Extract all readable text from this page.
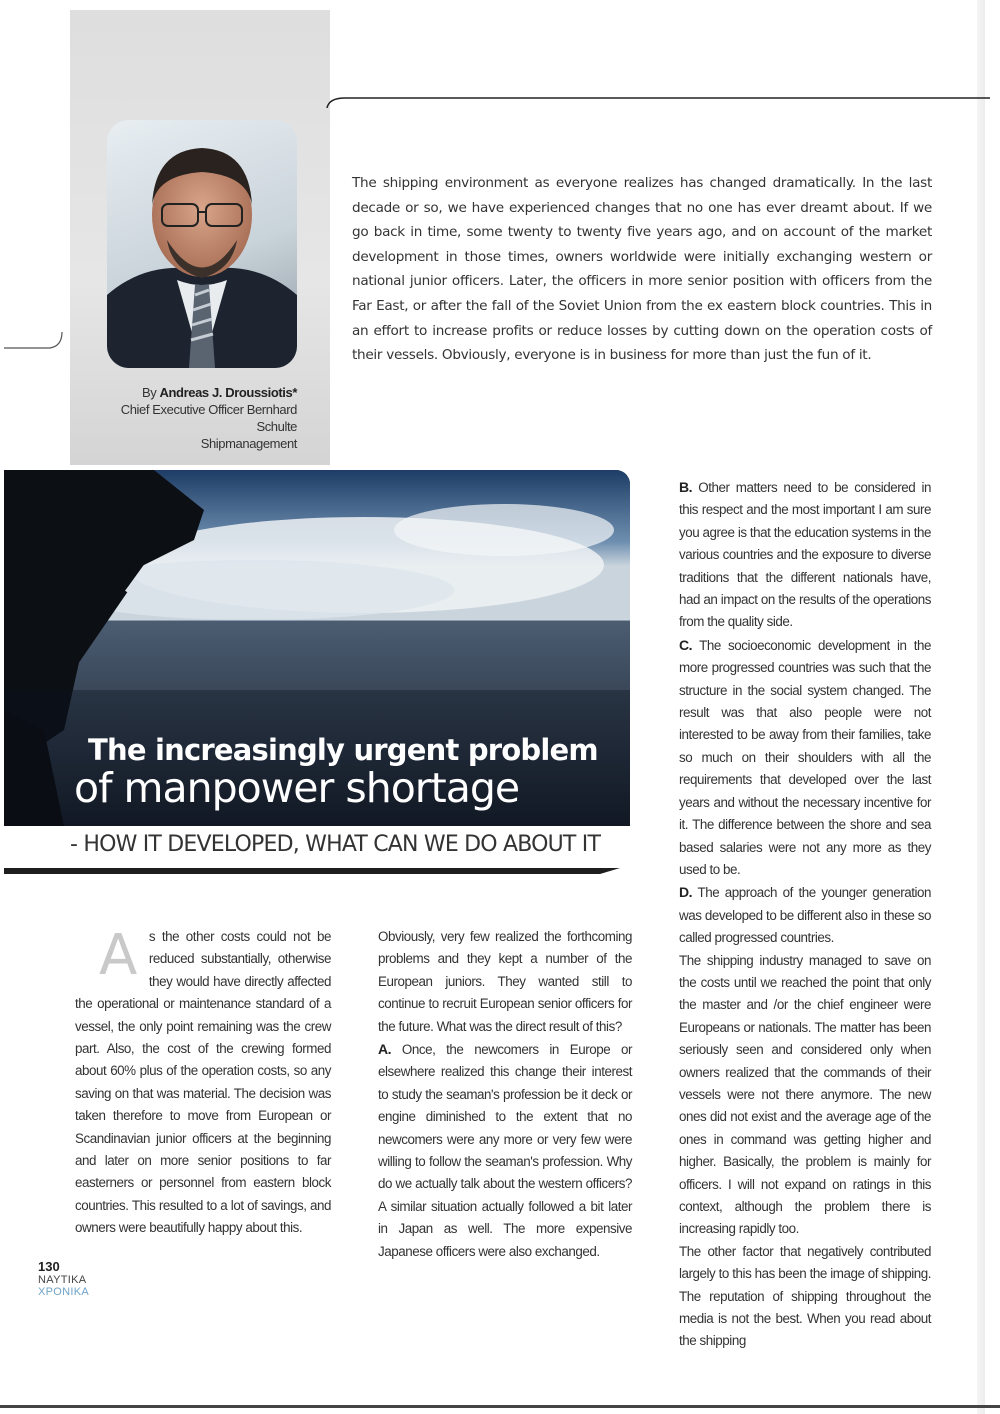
By Andreas J. Droussiotis*
Chief Executive Officer Bernhard Schulte
Shipmanagement
The shipping environment as everyone realizes has changed dramatically. In the last decade or so, we have experienced changes that no one has ever dreamt about. If we go back in time, some twenty to twenty five years ago, and on account of the market development in those times, owners worldwide were initially exchanging western or national junior officers. Later, the officers in more senior position with officers from the Far East, or after the fall of the Soviet Union from the ex eastern block countries. This in an effort to increase profits or reduce losses by cutting down on the operation costs of their vessels. Obviously, everyone is in business for more than just the fun of it.
The increasingly urgent problem
of manpower shortage
- HOW IT DEVELOPED, WHAT CAN WE DO ABOUT IT
A s the other costs could not be reduced substantially, otherwise they would have directly affected the operational or maintenance standard of a vessel, the only point remaining was the crew part. Also, the cost of the crewing formed about 60% plus of the operation costs, so any saving on that was material. The decision was taken therefore to move from European or Scandinavian junior officers at the beginning and later on more senior positions to far easterners or personnel from eastern block countries. This resulted to a lot of savings, and owners were beautifully happy about this.

Obviously, very few realized the forthcoming problems and they kept a number of the European juniors. They wanted still to continue to recruit European senior officers for the future. What was the direct result of this?

A. Once, the newcomers in Europe or elsewhere realized this change their interest to study the seaman's profession be it deck or engine diminished to the extent that no newcomers were any more or very few were willing to follow the seaman's profession. Why do we actually talk about the western officers? A similar situation actually followed a bit later in Japan as well. The more expensive Japanese officers were also exchanged.

B. Other matters need to be considered in this respect and the most important I am sure you agree is that the education systems in the various countries and the exposure to diverse traditions that the different nationals have, had an impact on the results of the operations from the quality side.

C. The socioeconomic development in the more progressed countries was such that the structure in the social system changed. The result was that also people were not interested to be away from their families, take so much on their shoulders with all the requirements that developed over the last years and without the necessary incentive for it. The difference between the shore and sea based salaries were not any more as they used to be.

D. The approach of the younger generation was developed to be different also in these so called progressed countries.

The shipping industry managed to save on the costs until we reached the point that only the master and /or the chief engineer were Europeans or nationals. The matter has been seriously seen and considered only when owners realized that the commands of their vessels were not there anymore. The new ones did not exist and the average age of the ones in command was getting higher and higher. Basically, the problem is mainly for officers. I will not expand on ratings in this context, although the problem there is increasing rapidly too.

The other factor that negatively contributed largely to this has been the image of shipping. The reputation of shipping throughout the media is not the best. When you read about the shipping

130
ΝΑΥΤΙΚΑ
ΧΡΟΝΙΚΑ
